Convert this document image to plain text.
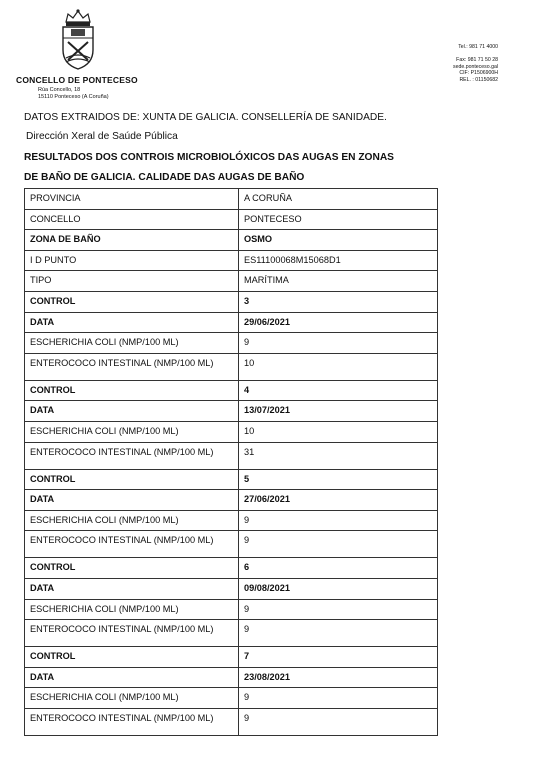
CONCELLO DE PONTECESO
Rúa Concello, 18
15110 Ponteceso (A Coruña)
Tel.: 981 71 4000
Fax: 981 71 50 28
sede.ponteceso.gal
CIF: P1506900H
REL. : 01150682

DATOS EXTRAIDOS DE: XUNTA DE GALICIA. CONSELLERÍA DE SANIDADE.

Dirección Xeral de Saúde Pública

RESULTADOS DOS CONTROIS MICROBIOLÓXICOS DAS AUGAS EN ZONAS

DE BAÑO DE GALICIA. CALIDADE DAS AUGAS DE BAÑO

PROVINCIA	A CORUÑA
CONCELLO	PONTECESO
ZONA DE BAÑO	OSMO
I D PUNTO	ES11100068M15068D1
TIPO	MARÍTIMA
CONTROL	3
DATA	29/06/2021
ESCHERICHIA COLI (NMP/100 ML)	9
ENTEROCOCO INTESTINAL (NMP/100 ML)	10
CONTROL	4
DATA	13/07/2021
ESCHERICHIA COLI (NMP/100 ML)	10
ENTEROCOCO INTESTINAL (NMP/100 ML)	31
CONTROL	5
DATA	27/06/2021
ESCHERICHIA COLI (NMP/100 ML)	9
ENTEROCOCO INTESTINAL (NMP/100 ML)	9
CONTROL	6
DATA	09/08/2021
ESCHERICHIA COLI (NMP/100 ML)	9
ENTEROCOCO INTESTINAL (NMP/100 ML)	9
CONTROL	7
DATA	23/08/2021
ESCHERICHIA COLI (NMP/100 ML)	9
ENTEROCOCO INTESTINAL (NMP/100 ML)	9
